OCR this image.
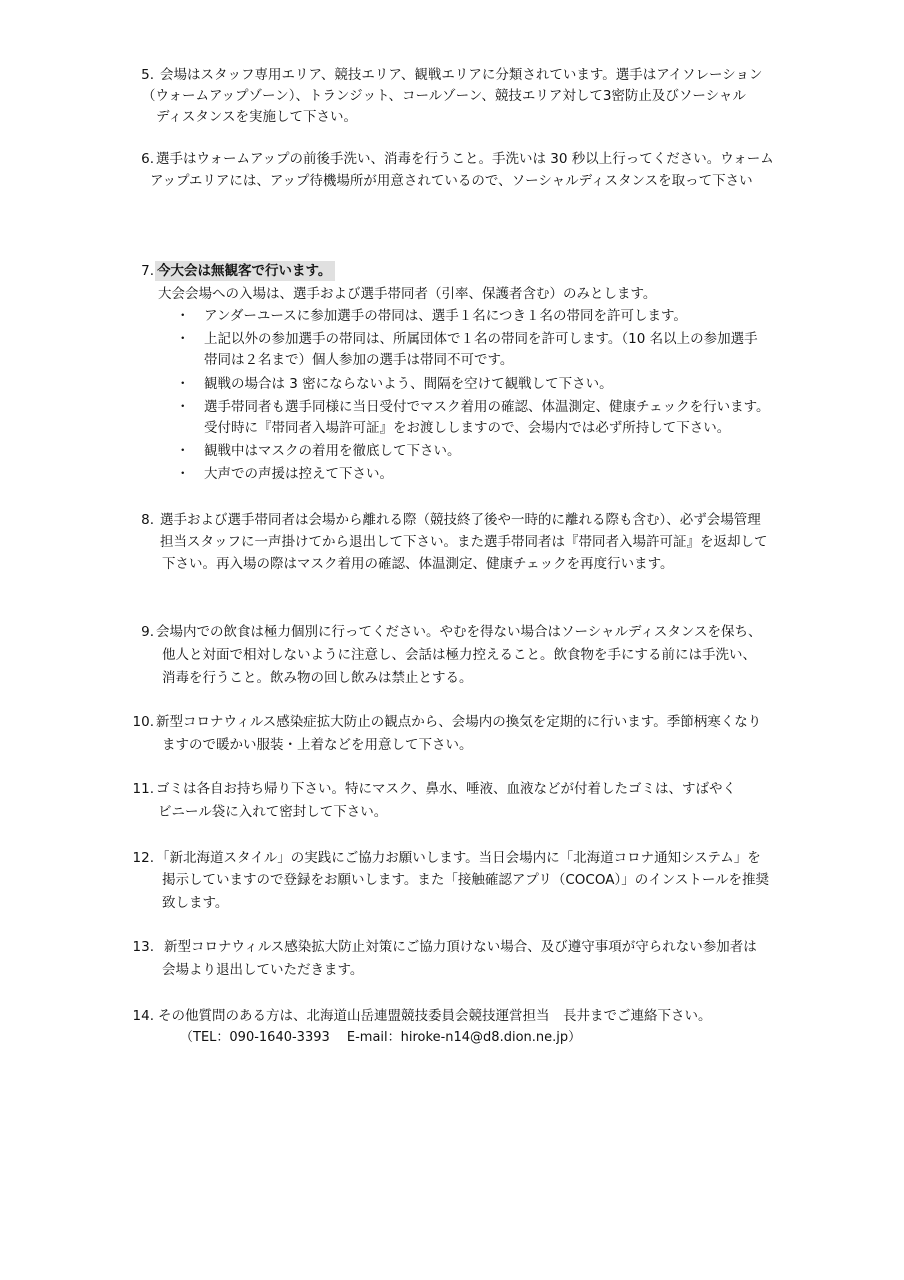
5. 会場はスタッフ専用エリア、競技エリア、観戦エリアに分類されています。選手はアイソレーション
（ウォームアップゾーン）、トランジット、コールゾーン、競技エリア対して3密防止及びソーシャル
ディスタンスを実施して下さい。
6. 選手はウォームアップの前後手洗い、消毒を行うこと。手洗いは 30 秒以上行ってください。ウォーム
アップエリアには、アップ待機場所が用意されているので、ソーシャルディスタンスを取って下さい
7. 今大会は無観客で行います。
大会会場への入場は、選手および選手帯同者（引率、保護者含む）のみとします。
・ アンダーユースに参加選手の帯同は、選手１名につき１名の帯同を許可します。
・ 上記以外の参加選手の帯同は、所属団体で１名の帯同を許可します。（10 名以上の参加選手
帯同は２名まで）個人参加の選手は帯同不可です。
・ 観戦の場合は 3 密にならないよう、間隔を空けて観戦して下さい。
・ 選手帯同者も選手同様に当日受付でマスク着用の確認、体温測定、健康チェックを行います。
受付時に『帯同者入場許可証』をお渡ししますので、会場内では必ず所持して下さい。
・ 観戦中はマスクの着用を徹底して下さい。
・ 大声での声援は控えて下さい。
8. 選手および選手帯同者は会場から離れる際（競技終了後や一時的に離れる際も含む）、必ず会場管理
担当スタッフに一声掛けてから退出して下さい。また選手帯同者は『帯同者入場許可証』を返却して
下さい。再入場の際はマスク着用の確認、体温測定、健康チェックを再度行います。
9. 会場内での飲食は極力個別に行ってください。やむを得ない場合はソーシャルディスタンスを保ち、
他人と対面で相対しないように注意し、会話は極力控えること。飲食物を手にする前には手洗い、
消毒を行うこと。飲み物の回し飲みは禁止とする。
10. 新型コロナウィルス感染症拡大防止の観点から、会場内の換気を定期的に行います。季節柄寒くなり
ますので暖かい服装・上着などを用意して下さい。
11. ゴミは各自お持ち帰り下さい。特にマスク、鼻水、唾液、血液などが付着したゴミは、すばやく
ビニール袋に入れて密封して下さい。
12. 「新北海道スタイル」の実践にご協力お願いします。当日会場内に「北海道コロナ通知システム」を
掲示していますので登録をお願いします。また「接触確認アプリ（COCOA）」のインストールを推奨
致します。
13. 新型コロナウィルス感染拡大防止対策にご協力頂けない場合、及び遵守事項が守られない参加者は
会場より退出していただきます。
14. その他質問のある方は、北海道山岳連盟競技委員会競技運営担当　長井までご連絡下さい。
（TEL：090-1640-3393　 E-mail：hiroke-n14@d8.dion.ne.jp）
